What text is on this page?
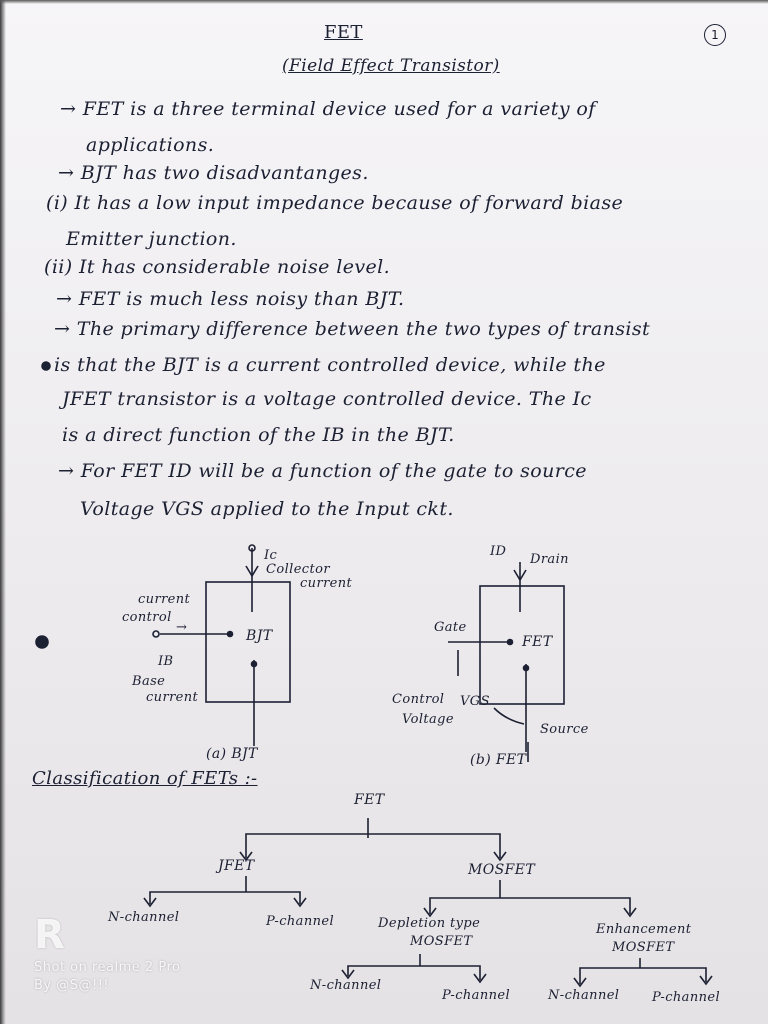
FET
(Field Effect Transistor)
1
→ FET is a three terminal device used for a variety of
applications.
→ BJT has two disadvantanges.
(i) It has a low input impedance because of forward biase
Emitter junction.
(ii) It has considerable noise level.
→ FET is much less noisy than BJT.
→ The primary difference between the two types of transist
is that the BJT is a current controlled device, while the
JFET transistor is a voltage controlled device. The Ic
is a direct function of the IB in the BJT.
→ For FET ID will be a function of the gate to source
Voltage VGS applied to the Input ckt.
Ic
Collector
current
current
control
→
BJT
IB
Base
current
(a) BJT
ID
Drain
Gate
FET
Control
Voltage
VGS
Source
(b) FET
Classification of FETs :-
FET
JFET	MOSFET
N-channel	P-channel	Depletion type
MOSFET
Enhancement
MOSFET
N-channel
P-channel	N-channel	P-channel
R
Shot on realme 2 Pro
By @S@!!!
